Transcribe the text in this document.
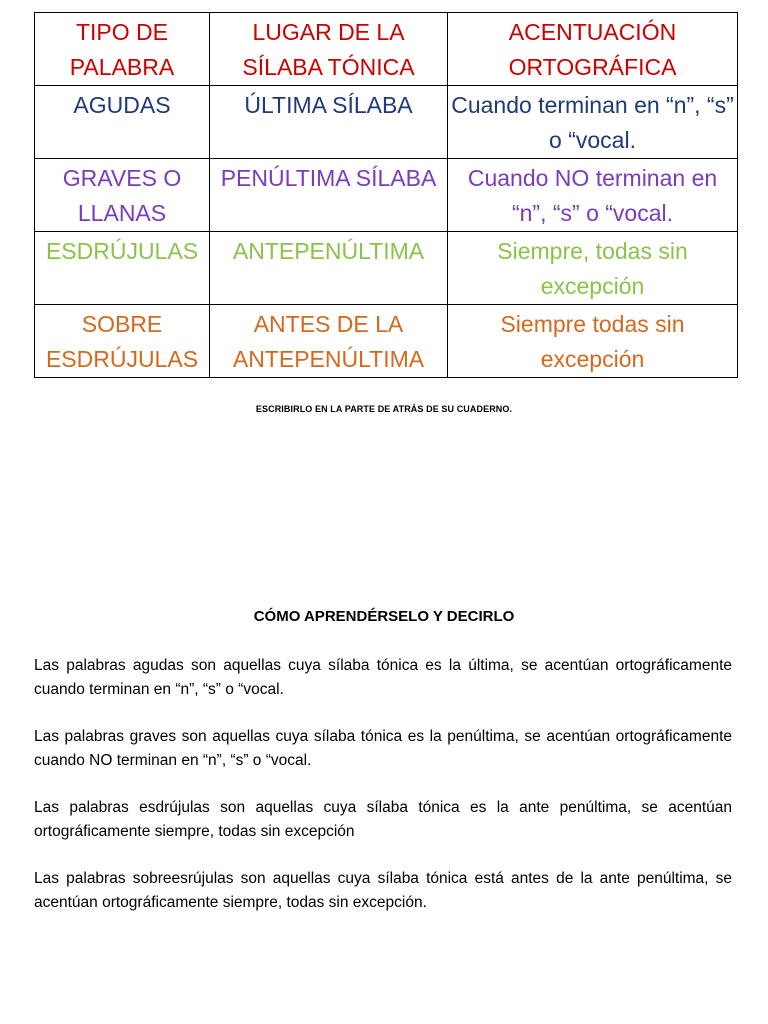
TIPO DE PALABRA	LUGAR DE LA SÍLABA TÓNICA	ACENTUACIÓN ORTOGRÁFICA
AGUDAS	ÚLTIMA SÍLABA	Cuando terminan en “n”, “s” o “vocal.
GRAVES O LLANAS	PENÚLTIMA SÍLABA	Cuando NO terminan en “n”, “s” o “vocal.
ESDRÚJULAS	ANTEPENÚLTIMA	Siempre, todas sin excepción
SOBRE ESDRÚJULAS	ANTES DE LA ANTEPENÚLTIMA	Siempre todas sin excepción
ESCRIBIRLO EN LA PARTE DE ATRÁS DE SU CUADERNO.
CÓMO APRENDÉRSELO Y DECIRLO

Las palabras agudas son aquellas cuya sílaba tónica es la última, se acentúan ortográficamente cuando terminan en “n”, “s” o “vocal.

Las palabras graves son aquellas cuya sílaba tónica es la penúltima, se acentúan ortográficamente cuando NO terminan en “n”, “s” o “vocal.

Las palabras esdrújulas son aquellas cuya sílaba tónica es la ante penúltima, se acentúan ortográficamente siempre, todas sin excepción

Las palabras sobreesrújulas son aquellas cuya sílaba tónica está antes de la ante penúltima, se acentúan ortográficamente siempre, todas sin excepción.
